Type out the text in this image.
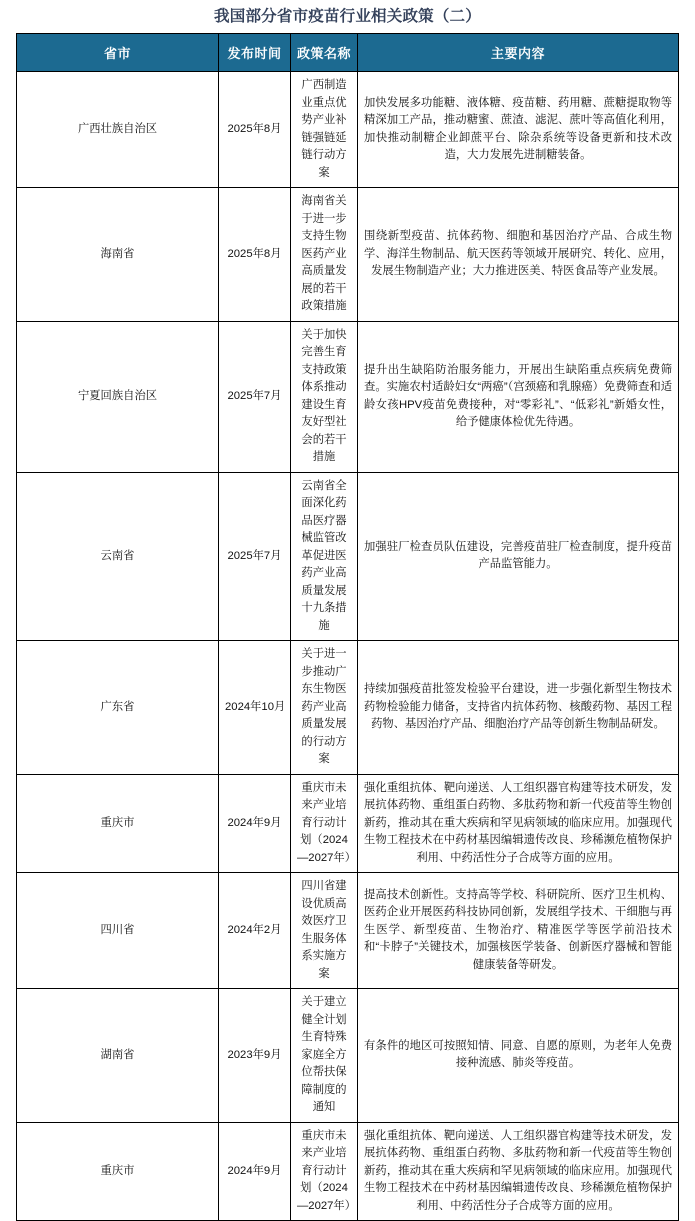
我国部分省市疫苗行业相关政策（二）
省市	发布时间	政策名称	主要内容
广西壮族自治区	2025年8月	广西制造业重点优势产业补链强链延链行动方案	加快发展多功能糖、液体糖、疫苗糖、药用糖、蔗糖提取物等精深加工产品，推动糖蜜、蔗渣、滤泥、蔗叶等高值化利用，加快推动制糖企业卸蔗平台、除杂系统等设备更新和技术改造，大力发展先进制糖装备。
海南省	2025年8月	海南省关于进一步支持生物医药产业高质量发展的若干政策措施	围绕新型疫苗、抗体药物、细胞和基因治疗产品、合成生物学、海洋生物制品、航天医药等领域开展研究、转化、应用，发展生物制造产业；大力推进医美、特医食品等产业发展。
宁夏回族自治区	2025年7月	关于加快完善生育支持政策体系推动建设生育友好型社会的若干措施	提升出生缺陷防治服务能力，开展出生缺陷重点疾病免费筛查。实施农村适龄妇女“两癌”（宫颈癌和乳腺癌）免费筛查和适龄女孩HPV疫苗免费接种，对“零彩礼”、“低彩礼”新婚女性，给予健康体检优先待遇。
云南省	2025年7月	云南省全面深化药品医疗器械监管改革促进医药产业高质量发展十九条措施	加强驻厂检查员队伍建设，完善疫苗驻厂检查制度，提升疫苗产品监管能力。
广东省	2024年10月	关于进一步推动广东生物医药产业高质量发展的行动方案	持续加强疫苗批签发检验平台建设，进一步强化新型生物技术药物检验能力储备，支持省内抗体药物、核酸药物、基因工程药物、基因治疗产品、细胞治疗产品等创新生物制品研发。
重庆市	2024年9月	重庆市未来产业培育行动计划（2024—2027年）	强化重组抗体、靶向递送、人工组织器官构建等技术研发，发展抗体药物、重组蛋白药物、多肽药物和新一代疫苗等生物创新药，推动其在重大疾病和罕见病领域的临床应用。加强现代生物工程技术在中药材基因编辑遗传改良、珍稀濒危植物保护利用、中药活性分子合成等方面的应用。
四川省	2024年2月	四川省建设优质高效医疗卫生服务体系实施方案	提高技术创新性。支持高等学校、科研院所、医疗卫生机构、医药企业开展医药科技协同创新，发展组学技术、干细胞与再生医学、新型疫苗、生物治疗、精准医学等医学前沿技术和“卡脖子”关键技术，加强核医学装备、创新医疗器械和智能健康装备等研发。
湖南省	2023年9月	关于建立健全计划生育特殊家庭全方位帮扶保障制度的通知	有条件的地区可按照知情、同意、自愿的原则，为老年人免费接种流感、肺炎等疫苗。
重庆市	2024年9月	重庆市未来产业培育行动计划（2024—2027年）	强化重组抗体、靶向递送、人工组织器官构建等技术研发，发展抗体药物、重组蛋白药物、多肽药物和新一代疫苗等生物创新药，推动其在重大疾病和罕见病领域的临床应用。加强现代生物工程技术在中药材基因编辑遗传改良、珍稀濒危植物保护利用、中药活性分子合成等方面的应用。
